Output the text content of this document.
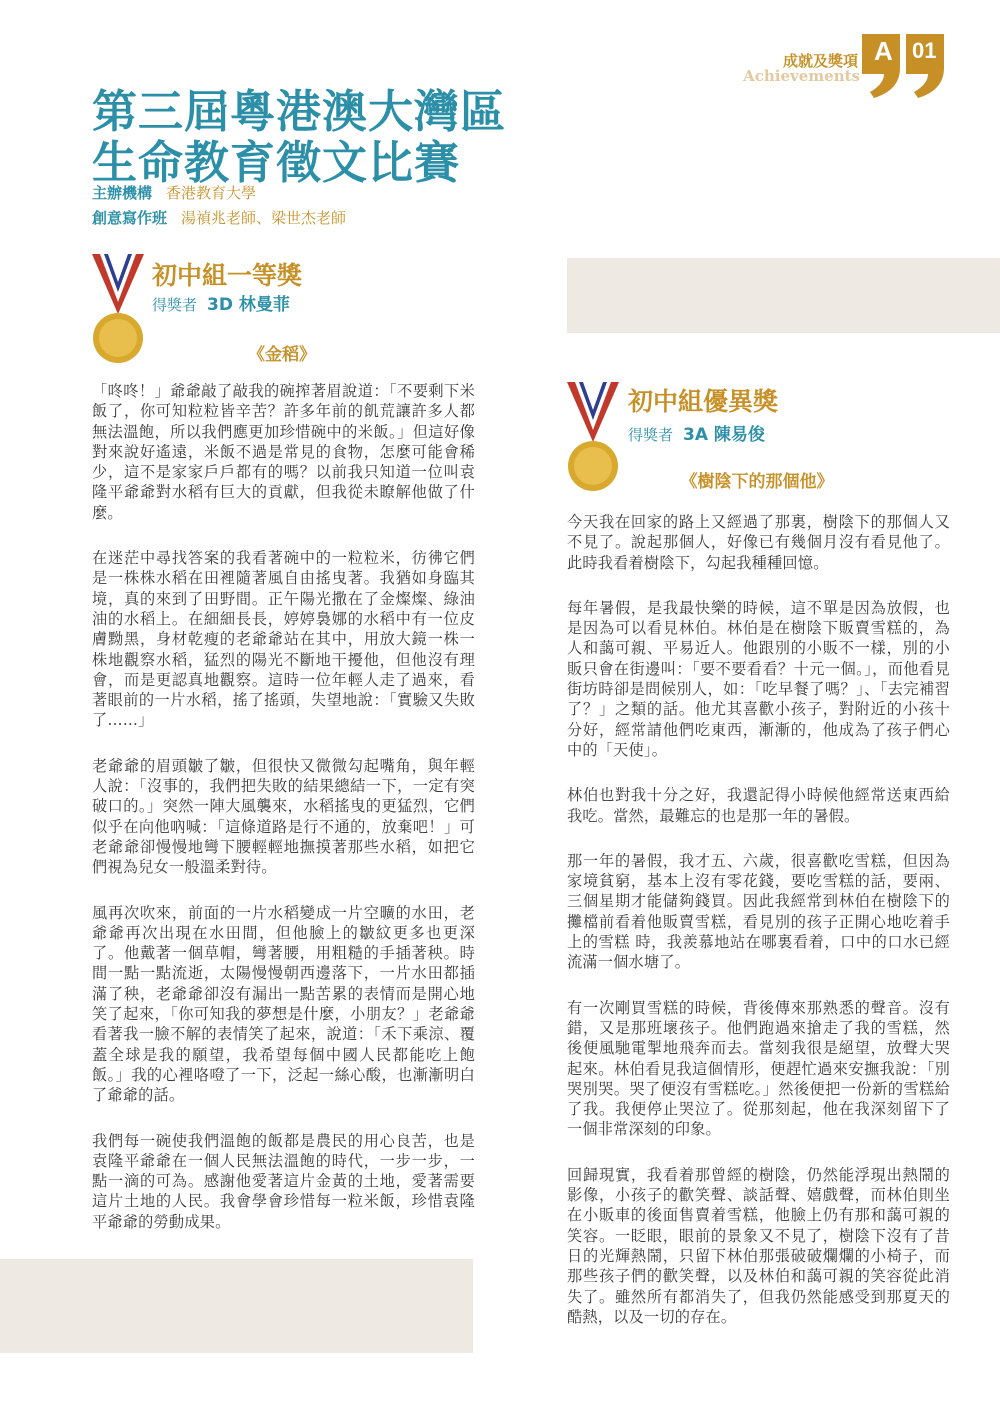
成就及獎項
Achievements
A 01
第三屆粵港澳大灣區
生命教育徵文比賽
主辦機構 香港教育大學
創意寫作班 湯禎兆老師、梁世杰老師
初中組一等獎
得獎者 3D 林曼菲
《金稻》

「咚咚！」爺爺敲了敲我的碗搾著眉說道：「不要剩下米飯了，你可知粒粒皆辛苦？許多年前的飢荒讓許多人都無法溫飽，所以我們應更加珍惜碗中的米飯。」但這好像對來說好遙遠，米飯不過是常見的食物，怎麼可能會稀少，這不是家家戶戶都有的嗎？以前我只知道一位叫袁隆平爺爺對水稻有巨大的貢獻，但我從未瞭解他做了什麼。

在迷茫中尋找答案的我看著碗中的一粒粒米，彷彿它們是一株株水稻在田裡隨著風自由搖曳著。我猶如身臨其境，真的來到了田野間。正午陽光撒在了金燦燦、綠油油的水稻上。在細細長長，婷婷裊娜的水稻中有一位皮膚黝黑，身材乾瘦的老爺爺站在其中，用放大鏡一株一株地觀察水稻，猛烈的陽光不斷地干擾他，但他沒有理會，而是更認真地觀察。這時一位年輕人走了過來，看著眼前的一片水稻，搖了搖頭，失望地說：「實驗又失敗了……」

老爺爺的眉頭皺了皺，但很快又微微勾起嘴角，與年輕人說：「沒事的，我們把失敗的結果總結一下，一定有突破口的。」突然一陣大風襲來，水稻搖曳的更猛烈，它們似乎在向他吶喊：「這條道路是行不通的，放棄吧！」可老爺爺卻慢慢地彎下腰輕輕地撫摸著那些水稻，如把它們視為兒女一般溫柔對待。

風再次吹來，前面的一片水稻變成一片空曠的水田，老爺爺再次出現在水田間，但他臉上的皺紋更多也更深了。他戴著一個草帽，彎著腰，用粗糙的手插著秧。時間一點一點流逝，太陽慢慢朝西邊落下，一片水田都插滿了秧，老爺爺卻沒有漏出一點苦累的表情而是開心地笑了起來，「你可知我的夢想是什麼，小朋友？」老爺爺看著我一臉不解的表情笑了起來，說道：「禾下乘涼、覆蓋全球是我的願望，我希望每個中國人民都能吃上飽飯。」我的心裡咯噔了一下，泛起一絲心酸，也漸漸明白了爺爺的話。

我們每一碗使我們溫飽的飯都是農民的用心良苦，也是袁隆平爺爺在一個人民無法溫飽的時代，一步一步，一點一滴的可為。感謝他愛著這片金黃的土地，愛著需要這片土地的人民。我會學會珍惜每一粒米飯，珍惜袁隆平爺爺的勞動成果。

初中組優異獎
得獎者 3A 陳易俊
《樹陰下的那個他》

今天我在回家的路上又經過了那裏，樹陰下的那個人又不見了。說起那個人，好像已有幾個月沒有看見他了。此時我看着樹陰下，勾起我種種回憶。

每年暑假，是我最快樂的時候，這不單是因為放假，也是因為可以看見林伯。林伯是在樹陰下販賣雪糕的，為人和藹可親、平易近人。他跟別的小販不一樣，別的小販只會在街邊叫：「要不要看看？十元一個。」，而他看見街坊時卻是問候別人，如：「吃早餐了嗎？」、「去完補習了？」之類的話。他尤其喜歡小孩子，對附近的小孩十分好，經常請他們吃東西，漸漸的，他成為了孩子們心中的「天使」。

林伯也對我十分之好，我還記得小時候他經常送東西給我吃。當然，最難忘的也是那一年的暑假。

那一年的暑假，我才五、六歲，很喜歡吃雪糕，但因為家境貧窮，基本上沒有零花錢，要吃雪糕的話，要兩、三個星期才能儲夠錢買。因此我經常到林伯在樹陰下的攤檔前看着他販賣雪糕，看見別的孩子正開心地吃着手上的雪糕 時，我羨慕地站在哪裏看着，口中的口水已經流滿一個水塘了。

有一次剛買雪糕的時候，背後傳來那熟悉的聲音。沒有錯，又是那班壞孩子。他們跑過來搶走了我的雪糕，然後便風馳電掣地飛奔而去。當刻我很是絕望，放聲大哭起來。林伯看見我這個情形，便趕忙過來安撫我說：「別哭別哭。哭了便沒有雪糕吃。」然後便把一份新的雪糕給了我。我便停止哭泣了。從那刻起，他在我深刻留下了一個非常深刻的印象。

回歸現實，我看着那曾經的樹陰，仍然能浮現出熱鬧的影像，小孩子的歡笑聲、談話聲、嬉戲聲，而林伯則坐在小販車的後面售賣着雪糕，他臉上仍有那和藹可親的笑容。一眨眼，眼前的景象又不見了，樹陰下沒有了昔日的光輝熱鬧，只留下林伯那張破破爛爛的小椅子，而那些孩子們的歡笑聲，以及林伯和藹可親的笑容從此消失了。雖然所有都消失了，但我仍然能感受到那夏天的酷熱，以及一切的存在。
